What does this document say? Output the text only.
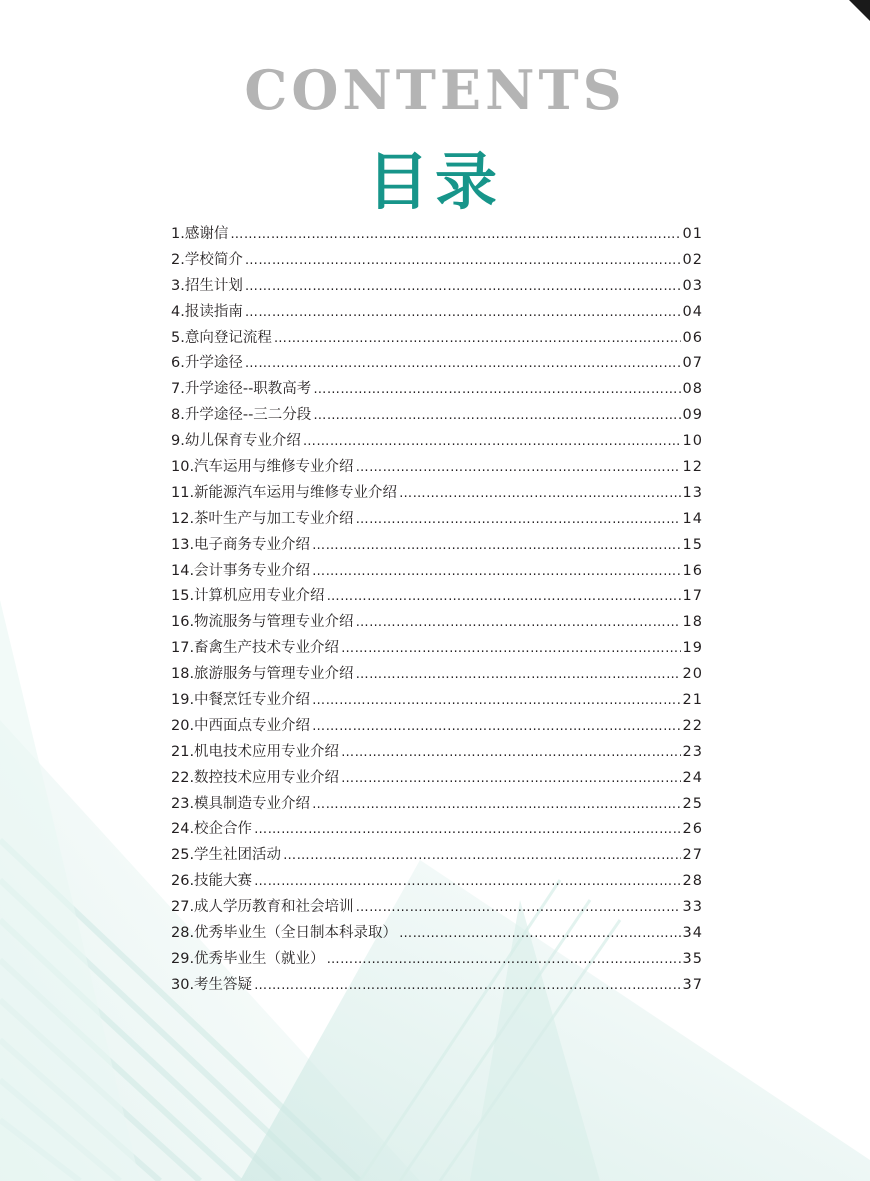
CONTENTS
目录
1.感谢信 ……………………………………………………………………………………………………………………………………………………………………………………………………	01
2.学校简介 ……………………………………………………………………………………………………………………………………………………………………………………………………	02
3.招生计划 ……………………………………………………………………………………………………………………………………………………………………………………………………	03
4.报读指南 ……………………………………………………………………………………………………………………………………………………………………………………………………	04
5.意向登记流程 ……………………………………………………………………………………………………………………………………………………………………………………………………	06
6.升学途径 ……………………………………………………………………………………………………………………………………………………………………………………………………	07
7.升学途径--职教高考 ……………………………………………………………………………………………………………………………………………………………………………………………………	08
8.升学途径--三二分段 ……………………………………………………………………………………………………………………………………………………………………………………………………	09
9.幼儿保育专业介绍 ……………………………………………………………………………………………………………………………………………………………………………………………………	10
10.汽车运用与维修专业介绍 ……………………………………………………………………………………………………………………………………………………………………………………………………	12
11.新能源汽车运用与维修专业介绍 ……………………………………………………………………………………………………………………………………………………………………………………………………	13
12.茶叶生产与加工专业介绍 ……………………………………………………………………………………………………………………………………………………………………………………………………	14
13.电子商务专业介绍 ……………………………………………………………………………………………………………………………………………………………………………………………………	15
14.会计事务专业介绍 ……………………………………………………………………………………………………………………………………………………………………………………………………	16
15.计算机应用专业介绍 ……………………………………………………………………………………………………………………………………………………………………………………………………	17
16.物流服务与管理专业介绍 ……………………………………………………………………………………………………………………………………………………………………………………………………	18
17.畜禽生产技术专业介绍 ……………………………………………………………………………………………………………………………………………………………………………………………………	19
18.旅游服务与管理专业介绍 ……………………………………………………………………………………………………………………………………………………………………………………………………	20
19.中餐烹饪专业介绍 ……………………………………………………………………………………………………………………………………………………………………………………………………	21
20.中西面点专业介绍 ……………………………………………………………………………………………………………………………………………………………………………………………………	22
21.机电技术应用专业介绍 ……………………………………………………………………………………………………………………………………………………………………………………………………	23
22.数控技术应用专业介绍 ……………………………………………………………………………………………………………………………………………………………………………………………………	24
23.模具制造专业介绍 ……………………………………………………………………………………………………………………………………………………………………………………………………	25
24.校企合作 ……………………………………………………………………………………………………………………………………………………………………………………………………	26
25.学生社团活动 ……………………………………………………………………………………………………………………………………………………………………………………………………	27
26.技能大赛 ……………………………………………………………………………………………………………………………………………………………………………………………………	28
27.成人学历教育和社会培训 ……………………………………………………………………………………………………………………………………………………………………………………………………	33
28.优秀毕业生（全日制本科录取） ……………………………………………………………………………………………………………………………………………………………………………………………………	34
29.优秀毕业生（就业） ……………………………………………………………………………………………………………………………………………………………………………………………………	35
30.考生答疑 ……………………………………………………………………………………………………………………………………………………………………………………………………	37
